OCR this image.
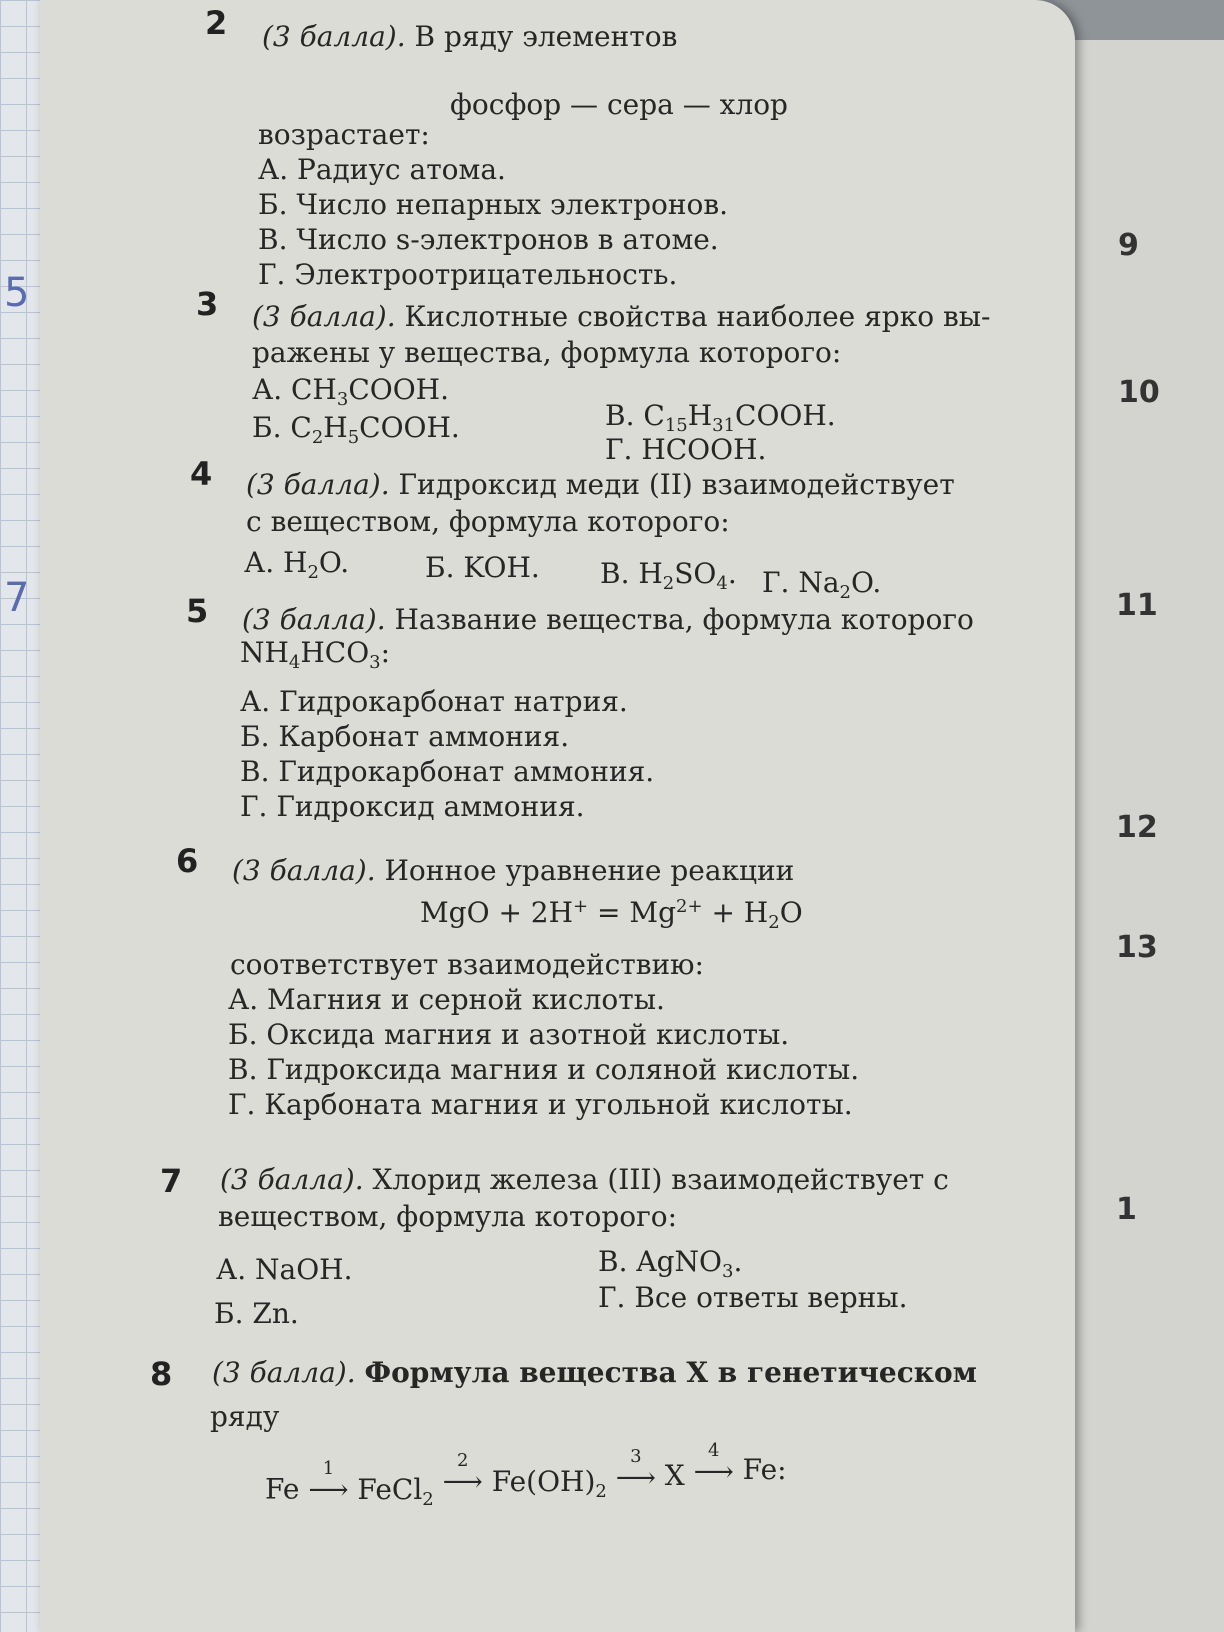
5
7
2 (3 балла). В ряду элементов
фосфор — сера — хлор
возрастает:
А. Радиус атома.
Б. Число непарных электронов.
В. Число s-электронов в атоме.
Г. Электроотрицательность.
3 (3 балла). Кислотные свойства наиболее ярко вы-
ражены у вещества, формула которого:
А. $CH_3COOH$.
Б. $C_2H_5COOH$.	В. $C_{15}H_{31}COOH$.
Г. HCOOH.
4 (3 балла). Гидроксид меди (II) взаимодействует
с веществом, формула которого:
А. $H_2O$.	Б. KOH. В. $H_2SO_4$. Г. $Na_2O$.
5 (3 балла). Название вещества, формула которого
$NH_4HCO_3$:
А. Гидрокарбонат натрия.
Б. Карбонат аммония.
В. Гидрокарбонат аммония.
Г. Гидроксид аммония.
6 (3 балла). Ионное уравнение реакции
MgO + $2H^+ = Mg^{2+} + H_2O$
соответствует взаимодействию:
А. Магния и серной кислоты.
Б. Оксида магния и азотной кислоты.
В. Гидроксида магния и соляной кислоты.
Г. Карбоната магния и угольной кислоты.
7 (3 балла). Хлорид железа (III) взаимодействует с
веществом, формула которого:
А. NaOH.
Б. Zn.
В. AgNO$_3$.
Г. Все ответы верны.
8 (3 балла). Формула вещества X в генетическом
ряду
Fe
1
⟶ FeCl$_2$
2
⟶ $Fe(OH)_2$
3
⟶ X
4
⟶ Fe:
9
10
11
12
13
1
